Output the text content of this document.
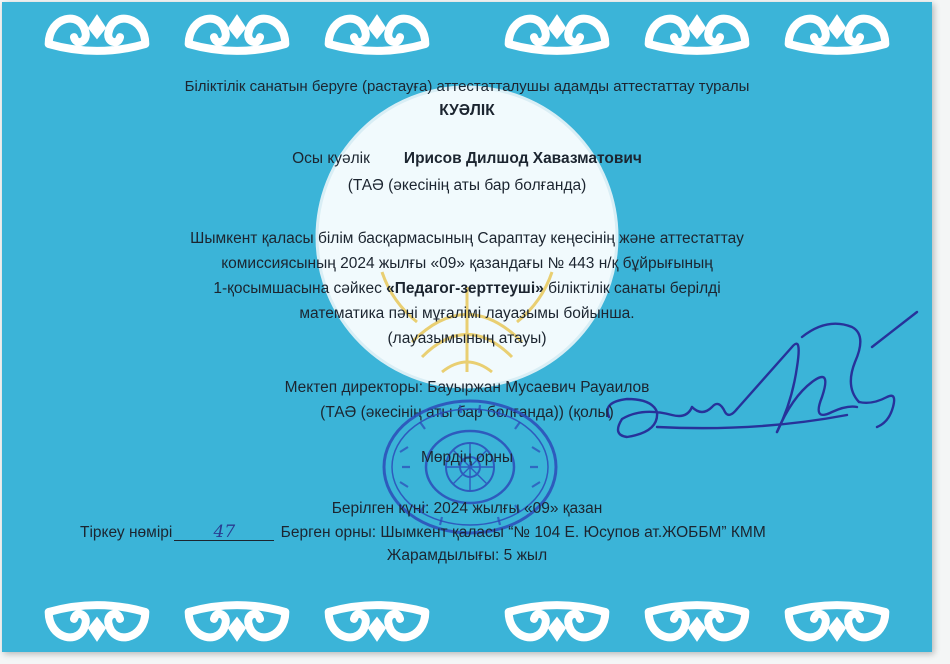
Біліктілік санатын беруге (растауға) аттестатталушы адамды аттестаттау туралы
КУӘЛІК
Осы куәлік Ирисов Дилшод Хавазматович
(ТАӘ (әкесінің аты бар болғанда)
Шымкент қаласы білім басқармасының Сараптау кеңесінің және аттестаттау
комиссиясының 2024 жылғы «09» қазандағы № 443 н/қ бұйрығының
1-қосымшасына сәйкес «Педагог-зерттеуші» біліктілік санаты берілді
математика пәні мұғалімі лауазымы бойынша.
(лауазымының атауы)
Мектеп директоры: Бауыржан Мусаевич Рауаилов
(ТАӘ (әкесінің аты бар болғанда)) (қолы)
Мөрдің орны
Берілген күні: 2024 жылғы «09» қазан
Тіркеу нөмірі 47	Берген орны: Шымкент қаласы “№ 104 Е. Юсупов ат.ЖОББМ” КММ
Жарамдылығы: 5 жыл
